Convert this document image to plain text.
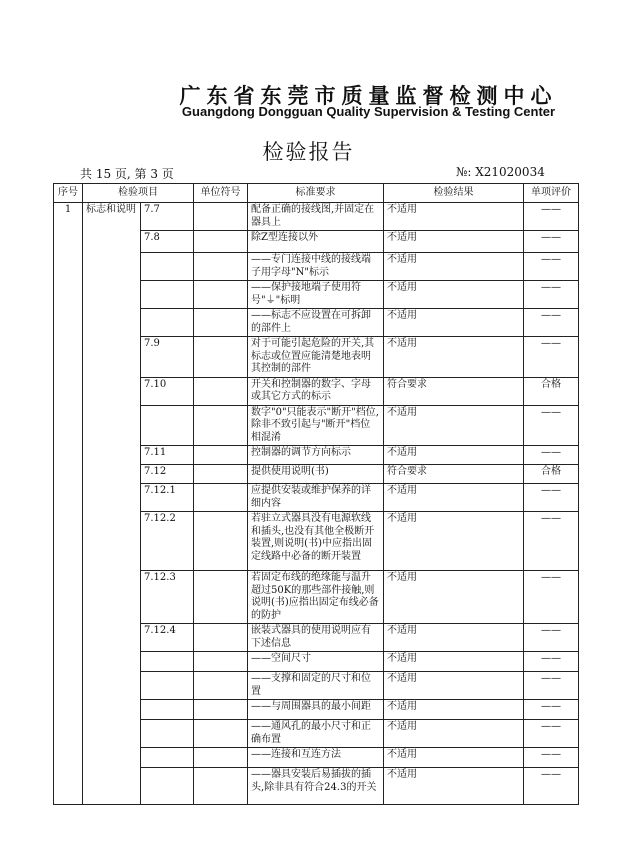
广东省东莞市质量监督检测中心
Guangdong Dongguan Quality Supervision & Testing Center
检验报告
共 15 页, 第 3 页	№: X21020034
序号	检验项目		单位符号	标准要求	检验结果	单项评价
1	标志和说明	7.7		配备正确的接线图,并固定在器具上	不适用	——
		7.8		除Z型连接以外	不适用	——
				——专门连接中线的接线端子用字母"N"标示	不适用	——
				——保护接地端子使用符号"⏚"标明	不适用	——
				——标志不应设置在可拆卸的部件上	不适用	——
		7.9		对于可能引起危险的开关,其标志或位置应能清楚地表明其控制的部件	不适用	——
		7.10		开关和控制器的数字、字母或其它方式的标示	符合要求	合格
				数字"0"只能表示"断开"档位,除非不致引起与"断开"档位相混淆	不适用	——
		7.11		控制器的调节方向标示	不适用	——
		7.12		提供使用说明(书)	符合要求	合格
		7.12.1		应提供安装或维护保养的详细内容	不适用	——
		7.12.2		若驻立式器具没有电源软线和插头,也没有其他全极断开装置,则说明(书)中应指出固定线路中必备的断开装置	不适用	——
		7.12.3		若固定布线的绝缘能与温升超过50K的那些部件接触,则说明(书)应指出固定布线必备的防护	不适用	——
		7.12.4		嵌装式器具的使用说明应有下述信息	不适用	——
				——空间尺寸	不适用	——
				——支撑和固定的尺寸和位置	不适用	——
				——与周围器具的最小间距	不适用	——
				——通风孔的最小尺寸和正确布置	不适用	——
				——连接和互连方法	不适用	——
				——器具安装后易插拔的插头,除非具有符合24.3的开关	不适用	——
